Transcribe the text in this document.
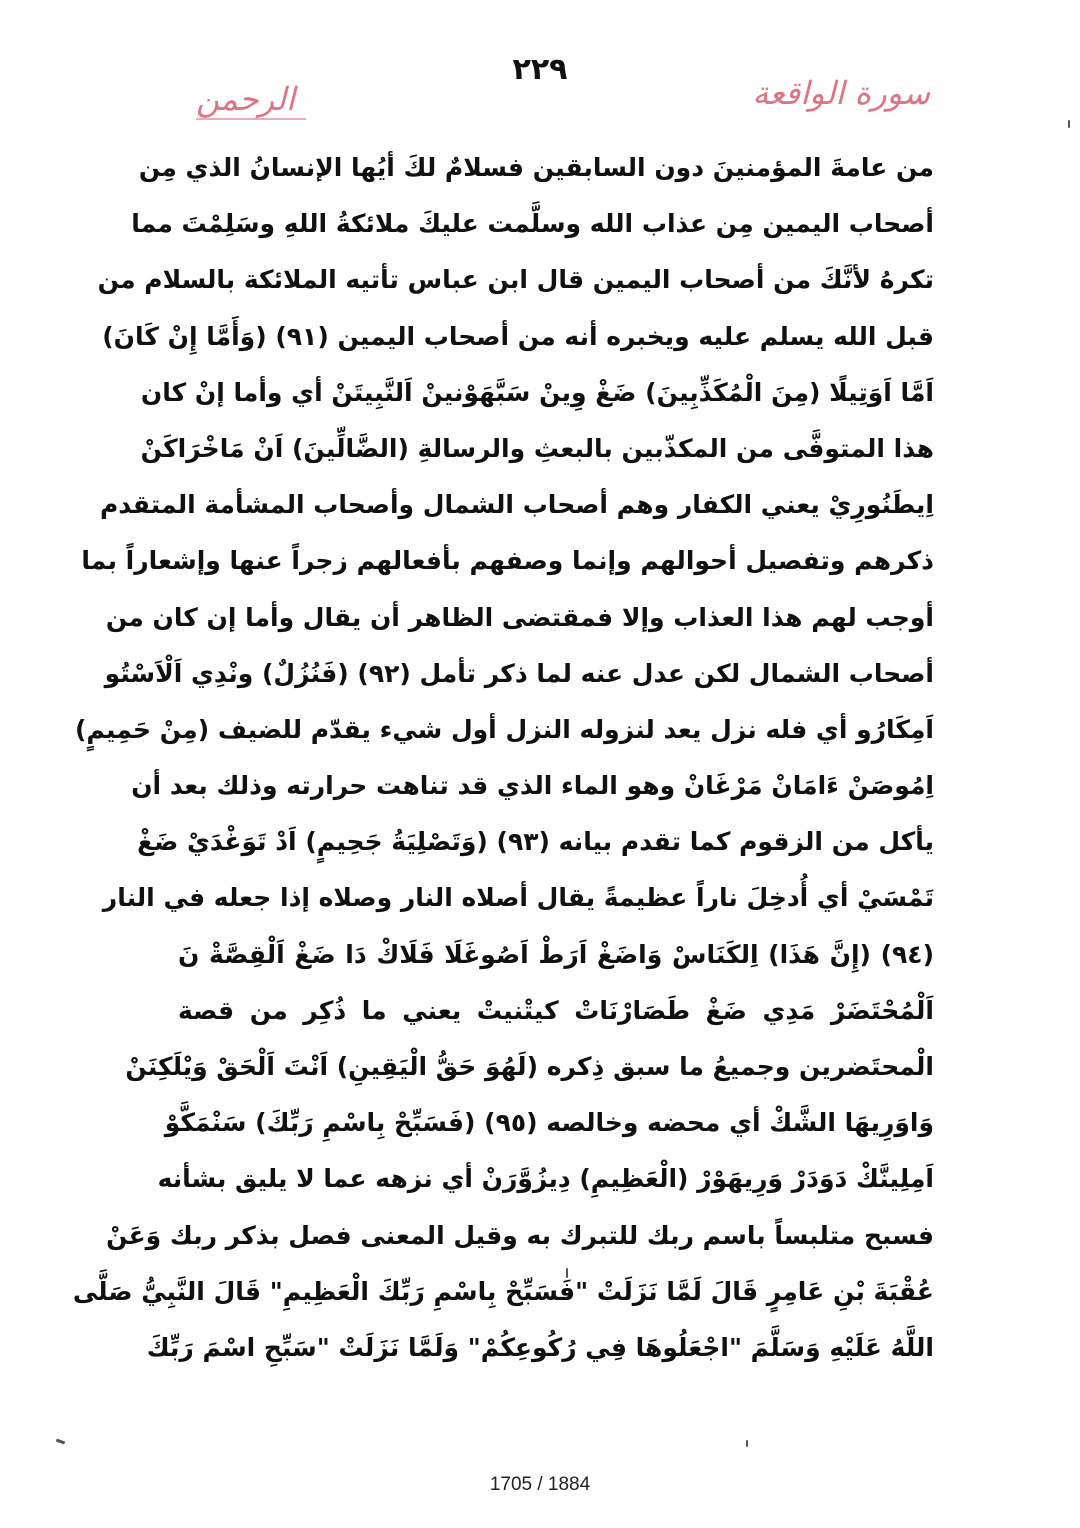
٢٢٩
سورة الواقعة
الرحمن
من عامةَ المؤمنينَ دون السابقين فسلامٌ لكَ أيُها الإنسانُ الذي مِن
أصحاب اليمين مِن عذاب الله وسلَّمت عليكَ ملائكةُ اللهِ وسَلِمْتَ مما
تكرهُ لأنَّكَ من أصحاب اليمين قال ابن عباس تأتيه الملائكة بالسلام من
قبل الله يسلم عليه ويخبره أنه من أصحاب اليمين (٩١) (وَأَمَّا إِنْ كَانَ)
اَمَّا اَوَتِيلًا (مِنَ الْمُكَذِّبِينَ) ضَغْ وِينْ سَبَّهَوْنينْ اَلنَّبِيتَنْ أي وأما إنْ كان
هذا المتوفَّى من المكذّبين بالبعثِ والرسالةِ (الضَّالِّينَ) اَنْ مَاخْرَاكَنْ
اِيطَنُورِيْ يعني الكفار وهم أصحاب الشمال وأصحاب المشأمة المتقدم
ذكرهم وتفصيل أحوالهم وإنما وصفهم بأفعالهم زجراً عنها وإشعاراً بما
أوجب لهم هذا العذاب وإلا فمقتضى الظاهر أن يقال وأما إن كان من
أصحاب الشمال لكن عدل عنه لما ذكر تأمل (٩٢) (فَنُزُلٌ) ونْدِي اَلْاَسْتُو
اَمِكَارُو أي فله نزل يعد لنزوله النزل أول شيء يقدّم للضيف (مِنْ حَمِيمٍ)
اِمُوصَنْ ءَامَانْ مَرْغَانْ وهو الماء الذي قد تناهت حرارته وذلك بعد أن
يأكل من الزقوم كما تقدم بيانه (٩٣) (وَتَصْلِيَةُ جَحِيمٍ) اَدْ تَوَغْدَيْ ضَغْ
تَمْسَيْ أي أُدخِلَ ناراً عظيمةً يقال أصلاه النار وصلاه إذا جعله في النار
(٩٤) (إِنَّ هَذَا) اِلكَنَاسْ وَاضَغْ اَرَطْ اَصُوغَلَا فَلَاكْ دَا ضَغْ اَلْقِصَّةْ نَ
اَلْمُحْتَضَرْ مَدِي ضَغْ طَصَارْنَاتْ كيتْنيتْ يعني ما ذُكِر من قصة
الْمحتَضرين وجميعُ ما سبق ذِكره (لَهُوَ حَقُّ الْيَقِينِ) اَنْتَ اَلْحَقْ وَيْلَكِنَنْ
وَاوَرِيهَا الشَّكْ أي محضه وخالصه (٩٥) (فَسَبِّحْ بِاسْمِ رَبِّكَ) سَنْمَكَّوْ
اَمِلِينَّكْ دَوَدَرْ وَرِيهَوْرْ (الْعَظِيمِ) دِيزُوَّرَنْ أي نزهه عما لا يليق بشأنه
فسبح متلبساً باسم ربك للتبرك به وقيل المعنى فصل بذكر ربك وَعَنْ
عُقْبَةَ بْنِ عَامِرٍ قَالَ لَمَّا نَزَلَتْ "فَسَبِّحْ بِاسْمِ رَبِّكَ الْعَظِيمِ" قَالَ النَّبِيُّ صَلَّى
اللَّهُ عَلَيْهِ وَسَلَّمَ "اجْعَلُوهَا فِي رُكُوعِكُمْ" وَلَمَّا نَزَلَتْ "سَبِّحِ اسْمَ رَبِّكَ
1705 / 1884
